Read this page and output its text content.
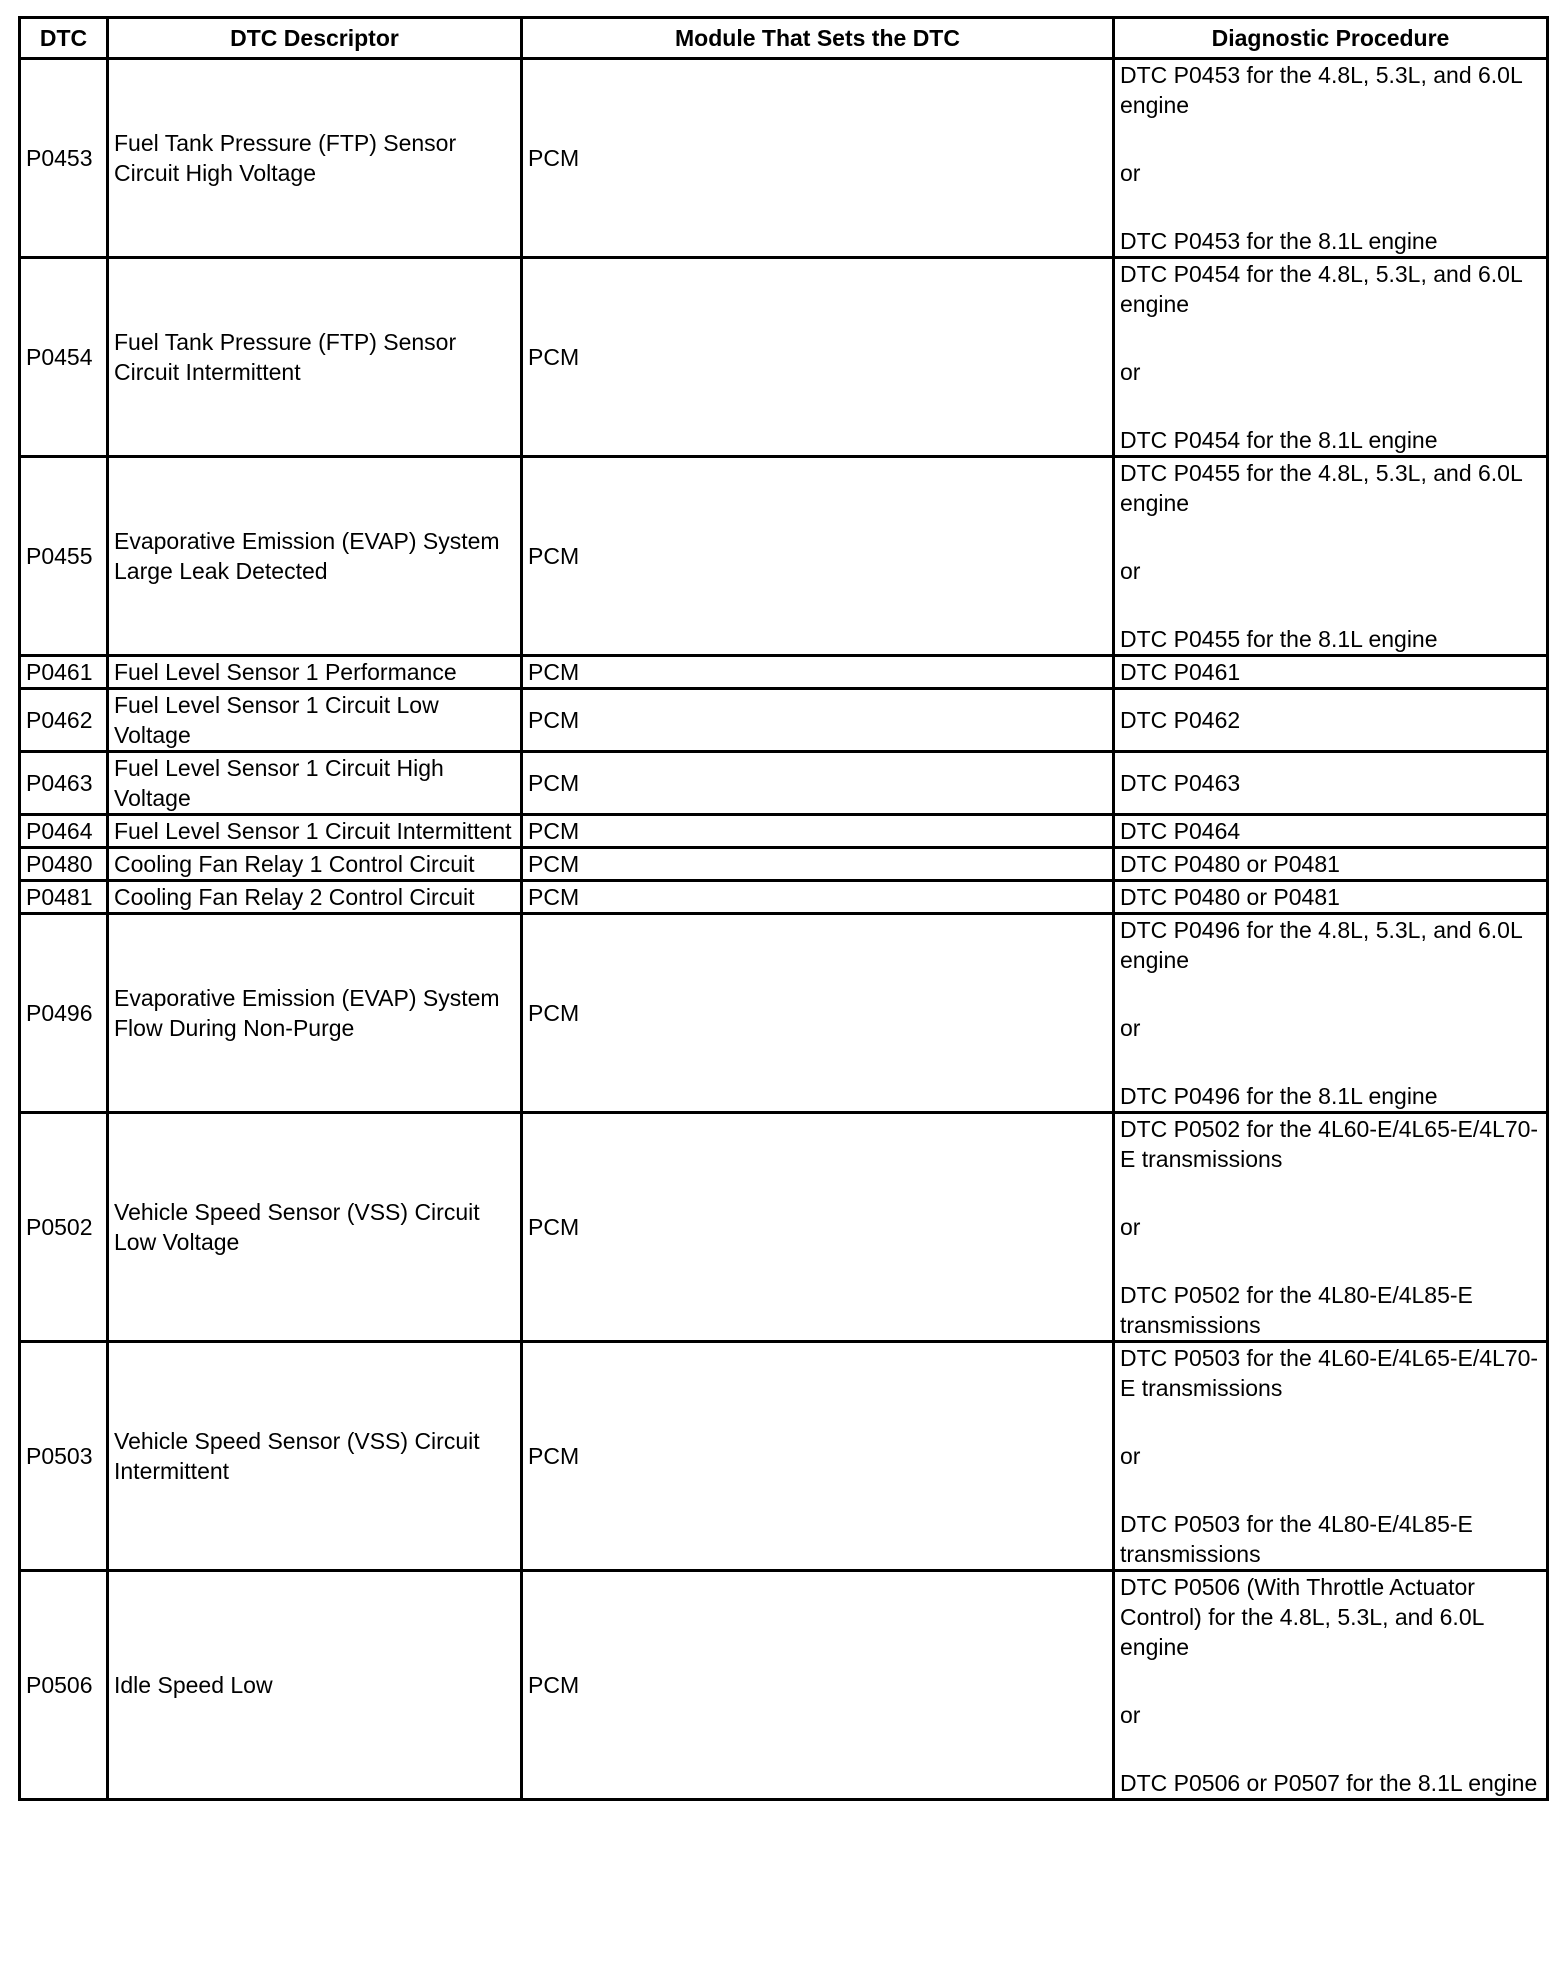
DTC	DTC Descriptor	Module That Sets the DTC	Diagnostic Procedure
P0453	Fuel Tank Pressure (FTP) Sensor Circuit High Voltage	PCM	DTC P0453 for the 4.8L, 5.3L, and 6.0L engine

or

DTC P0453 for the 8.1L engine

P0454	Fuel Tank Pressure (FTP) Sensor Circuit Intermittent	PCM	DTC P0454 for the 4.8L, 5.3L, and 6.0L engine

or

DTC P0454 for the 8.1L engine

P0455	Evaporative Emission (EVAP) System Large Leak Detected	PCM	DTC P0455 for the 4.8L, 5.3L, and 6.0L engine

or

DTC P0455 for the 8.1L engine

P0461	Fuel Level Sensor 1 Performance	PCM	DTC P0461

P0462	Fuel Level Sensor 1 Circuit Low Voltage	PCM	DTC P0462

P0463	Fuel Level Sensor 1 Circuit High Voltage	PCM	DTC P0463

P0464	Fuel Level Sensor 1 Circuit Intermittent	PCM	DTC P0464

P0480	Cooling Fan Relay 1 Control Circuit	PCM	DTC P0480 or P0481

P0481	Cooling Fan Relay 2 Control Circuit	PCM	DTC P0480 or P0481

P0496	Evaporative Emission (EVAP) System Flow During Non-Purge	PCM	DTC P0496 for the 4.8L, 5.3L, and 6.0L engine

or

DTC P0496 for the 8.1L engine

P0502	Vehicle Speed Sensor (VSS) Circuit Low Voltage	PCM	DTC P0502 for the 4L60-E/4L65-E/4L70-E transmissions

or

DTC P0502 for the 4L80-E/4L85-E transmissions

P0503	Vehicle Speed Sensor (VSS) Circuit Intermittent	PCM	DTC P0503 for the 4L60-E/4L65-E/4L70-E transmissions

or

DTC P0503 for the 4L80-E/4L85-E transmissions

P0506	Idle Speed Low	PCM	DTC P0506 (With Throttle Actuator Control) for the 4.8L, 5.3L, and 6.0L engine

or

DTC P0506 or P0507 for the 8.1L engine
